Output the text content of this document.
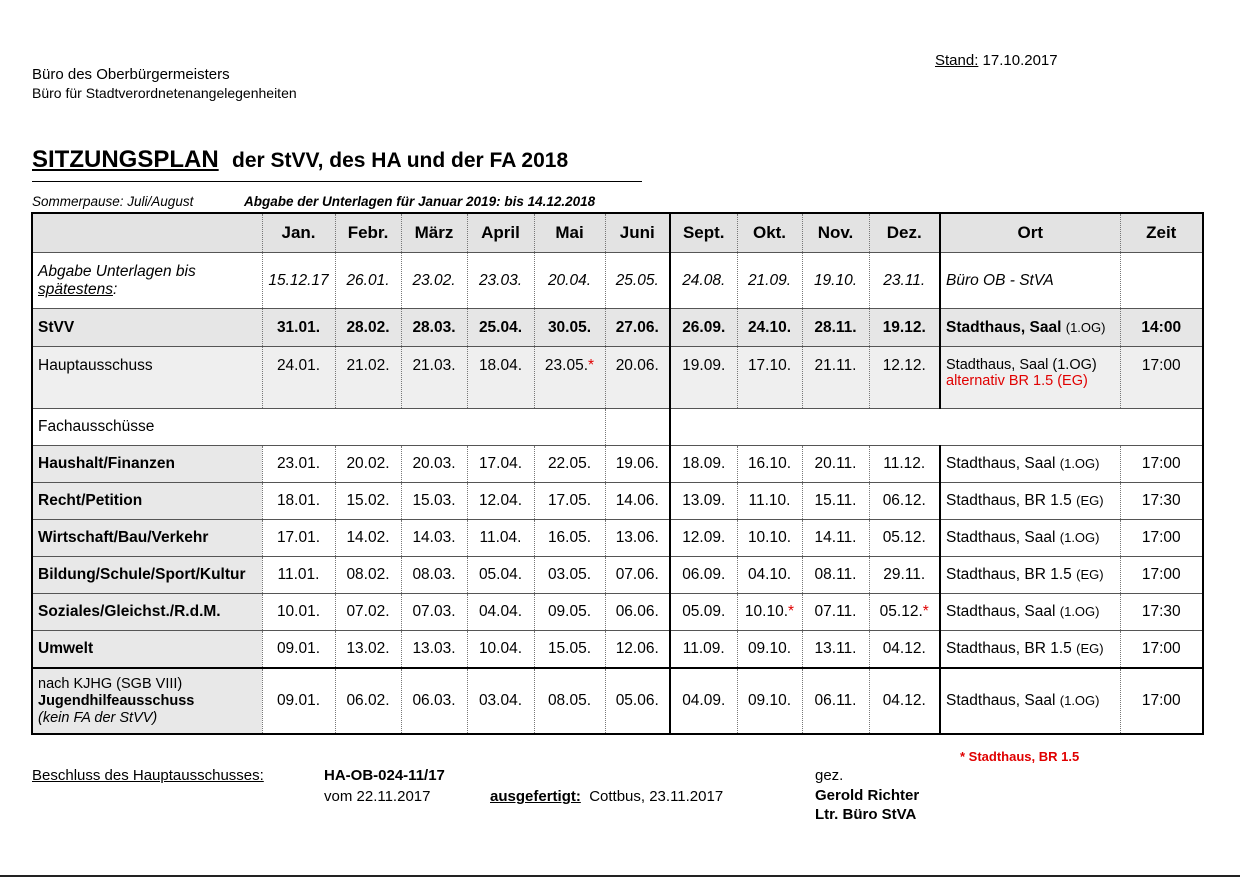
Büro des Oberbürgermeisters
Büro für Stadtverordnetenangelegenheiten
Stand: 17.10.2017
SITZUNGSPLAN der StVV, des HA und der FA 2018
Sommerpause: Juli/August	Abgabe der Unterlagen für Januar 2019: bis 14.12.2018
	Jan.	Febr.	März	April	Mai	Juni	Sept.	Okt.	Nov.	Dez.	Ort	Zeit
Abgabe Unterlagen bis
spätestens:	15.12.17	26.01.	23.02.	23.03.	20.04.	25.05.	24.08.	21.09.	19.10.	23.11.	Büro OB - StVA	
StVV	31.01.	28.02.	28.03.	25.04.	30.05.	27.06.	26.09.	24.10.	28.11.	19.12.	Stadthaus, Saal (1.OG)	14:00
Hauptausschuss	24.01.	21.02.	21.03.	18.04.	23.05.*	20.06.	19.09.	17.10.	21.11.	12.12.	Stadthaus, Saal (1.OG)
alternativ BR 1.5 (EG)	17:00
Fachausschüsse												
Haushalt/Finanzen	23.01.	20.02.	20.03.	17.04.	22.05.	19.06.	18.09.	16.10.	20.11.	11.12.	Stadthaus, Saal (1.OG)	17:00
Recht/Petition	18.01.	15.02.	15.03.	12.04.	17.05.	14.06.	13.09.	11.10.	15.11.	06.12.	Stadthaus, BR 1.5 (EG)	17:30
Wirtschaft/Bau/Verkehr	17.01.	14.02.	14.03.	11.04.	16.05.	13.06.	12.09.	10.10.	14.11.	05.12.	Stadthaus, Saal (1.OG)	17:00
Bildung/Schule/Sport/Kultur	11.01.	08.02.	08.03.	05.04.	03.05.	07.06.	06.09.	04.10.	08.11.	29.11.	Stadthaus, BR 1.5 (EG)	17:00
Soziales/Gleichst./R.d.M.	10.01.	07.02.	07.03.	04.04.	09.05.	06.06.	05.09.	10.10.*	07.11.	05.12.*	Stadthaus, Saal (1.OG)	17:30
Umwelt	09.01.	13.02.	13.03.	10.04.	15.05.	12.06.	11.09.	09.10.	13.11.	04.12.	Stadthaus, BR 1.5 (EG)	17:00
nach KJHG (SGB VIII)
Jugendhilfeausschuss
(kein FA der StVV)	09.01.	06.02.	06.03.	03.04.	08.05.	05.06.	04.09.	09.10.	06.11.	04.12.	Stadthaus, Saal (1.OG)	17:00
* Stadthaus, BR 1.5
Beschluss des Hauptausschusses:	HA-OB-024-11/17
vom 22.11.2017	ausgefertigt: Cottbus, 23.11.2017
gez.
Gerold Richter
Ltr. Büro StVA
